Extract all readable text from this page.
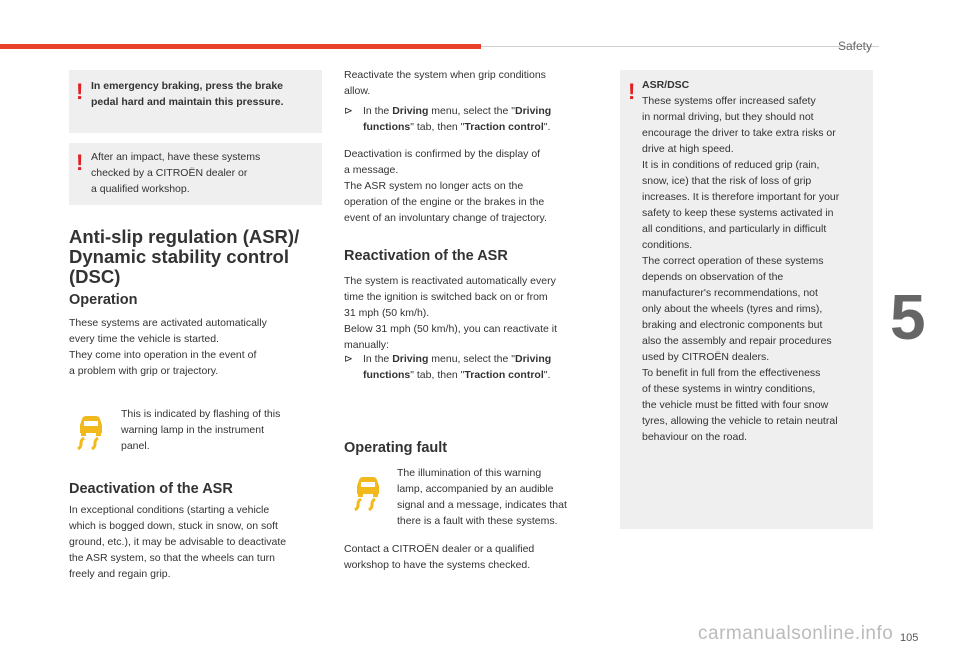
Safety
5
105
carmanualsonline.info
! In emergency braking, press the brake
pedal hard and maintain this pressure.
! After an impact, have these systems
checked by a CITROËN dealer or
a qualified workshop.
Anti-slip regulation (ASR)/
Dynamic stability control
(DSC)
Operation
These systems are activated automatically
every time the vehicle is started.
They come into operation in the event of
a problem with grip or trajectory.
This is indicated by flashing of this
warning lamp in the instrument
panel.
Deactivation of the ASR
In exceptional conditions (starting a vehicle
which is bogged down, stuck in snow, on soft
ground, etc.), it may be advisable to deactivate
the ASR system, so that the wheels can turn
freely and regain grip.
Reactivate the system when grip conditions
allow.
⊳ In the Driving menu, select the "Driving
functions" tab, then "Traction control".
Deactivation is confirmed by the display of
a message.
The ASR system no longer acts on the
operation of the engine or the brakes in the
event of an involuntary change of trajectory.
Reactivation of the ASR
The system is reactivated automatically every
time the ignition is switched back on or from
31 mph (50 km/h).
Below 31 mph (50 km/h), you can reactivate it
manually:
⊳ In the Driving menu, select the "Driving
functions" tab, then "Traction control".
Operating fault
The illumination of this warning
lamp, accompanied by an audible
signal and a message, indicates that
there is a fault with these systems.
Contact a CITROËN dealer or a qualified
workshop to have the systems checked.
! ASR/DSC
These systems offer increased safety
in normal driving, but they should not
encourage the driver to take extra risks or
drive at high speed.
It is in conditions of reduced grip (rain,
snow, ice) that the risk of loss of grip
increases. It is therefore important for your
safety to keep these systems activated in
all conditions, and particularly in difficult
conditions.
The correct operation of these systems
depends on observation of the
manufacturer's recommendations, not
only about the wheels (tyres and rims),
braking and electronic components but
also the assembly and repair procedures
used by CITROËN dealers.
To benefit in full from the effectiveness
of these systems in wintry conditions,
the vehicle must be fitted with four snow
tyres, allowing the vehicle to retain neutral
behaviour on the road.
